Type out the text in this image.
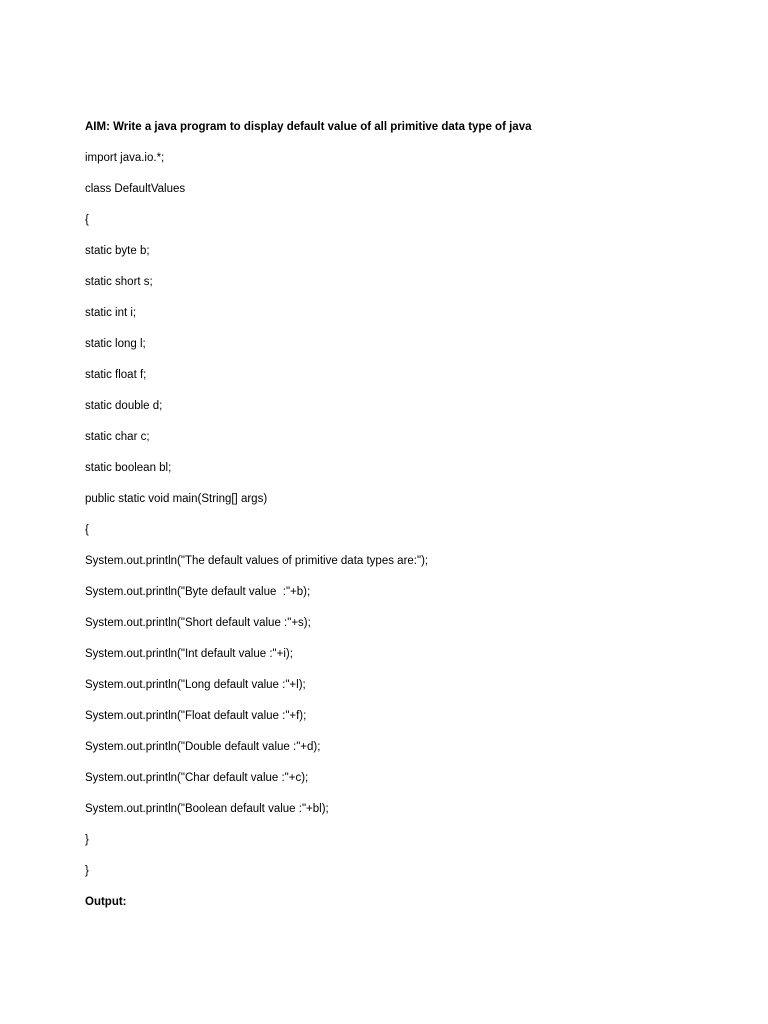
AIM: Write a java program to display default value of all primitive data type of java
import java.io.*;
class DefaultValues
{
static byte b;
static short s;
static int i;
static long l;
static float f;
static double d;
static char c;
static boolean bl;
public static void main(String[] args)
{
System.out.println("The default values of primitive data types are:");
System.out.println("Byte default value  :"+b);
System.out.println("Short default value :"+s);
System.out.println("Int default value :"+i);
System.out.println("Long default value :"+l);
System.out.println("Float default value :"+f);
System.out.println("Double default value :"+d);
System.out.println("Char default value :"+c);
System.out.println("Boolean default value :"+bl);
}
}
Output:
